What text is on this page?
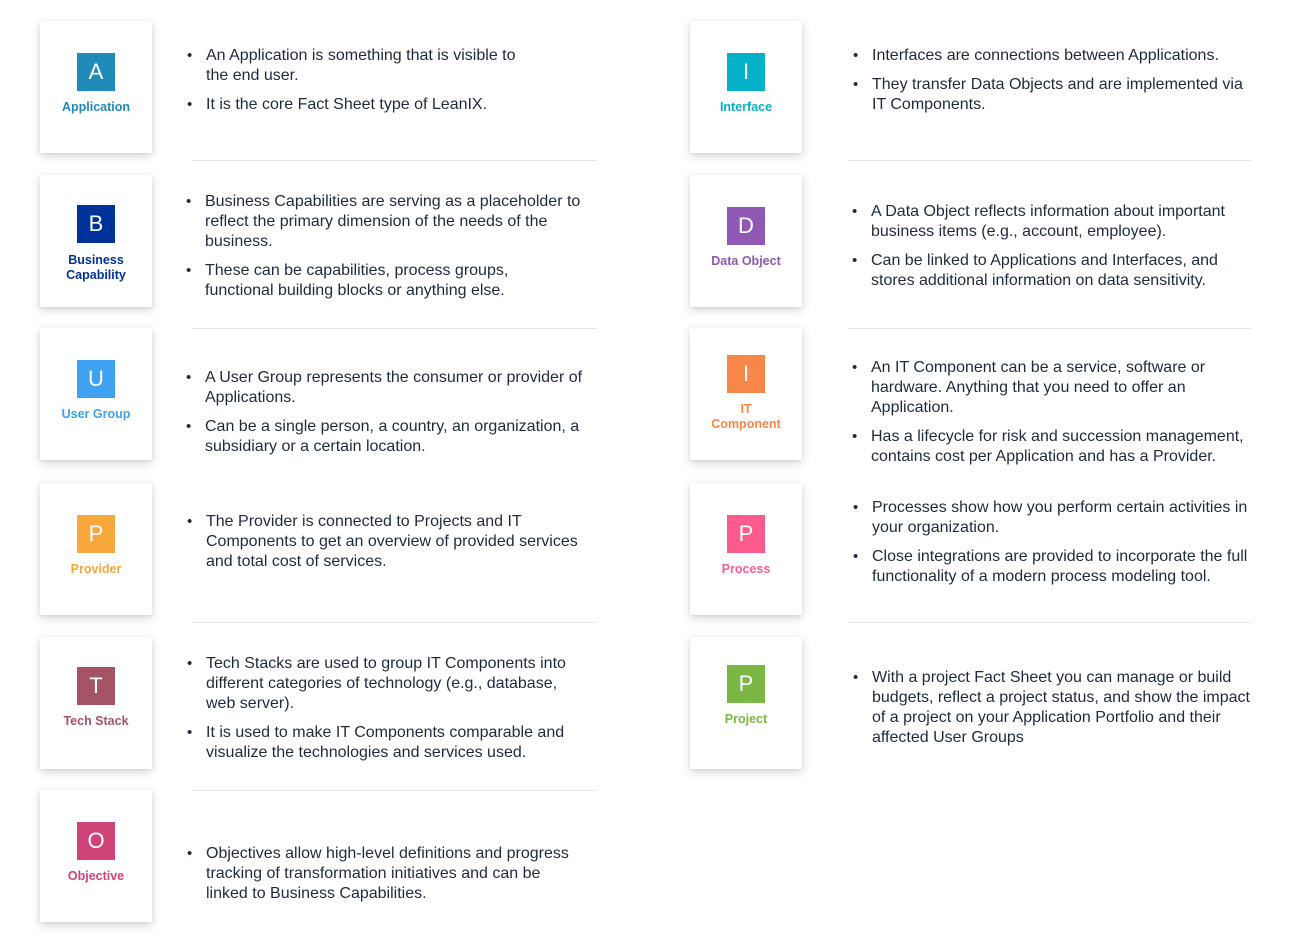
A
Application
• An Application is something that is visible to the end user.
• It is the core Fact Sheet type of LeanIX.
B
Business Capability
• Business Capabilities are serving as a placeholder to reflect the primary dimension of the needs of the business.
• These can be capabilities, process groups, functional building blocks or anything else.
U
User Group
• A User Group represents the consumer or provider of Applications.
• Can be a single person, a country, an organization, a subsidiary or a certain location.
P
Provider
• The Provider is connected to Projects and IT Components to get an overview of provided services and total cost of services.
T
Tech Stack
• Tech Stacks are used to group IT Components into different categories of technology (e.g., database, web server).
• It is used to make IT Components comparable and visualize the technologies and services used.
O
Objective
• Objectives allow high-level definitions and progress tracking of transformation initiatives and can be linked to Business Capabilities.
I
Interface
• Interfaces are connections between Applications.
• They transfer Data Objects and are implemented via IT Components.
D
Data Object
• A Data Object reflects information about important business items (e.g., account, employee).
• Can be linked to Applications and Interfaces, and stores additional information on data sensitivity.
I
IT Component
• An IT Component can be a service, software or hardware. Anything that you need to offer an Application.
• Has a lifecycle for risk and succession management, contains cost per Application and has a Provider.
P
Process
• Processes show how you perform certain activities in your organization.
• Close integrations are provided to incorporate the full functionality of a modern process modeling tool.
P
Project
• With a project Fact Sheet you can manage or build budgets, reflect a project status, and show the impact of a project on your Application Portfolio and their affected User Groups
